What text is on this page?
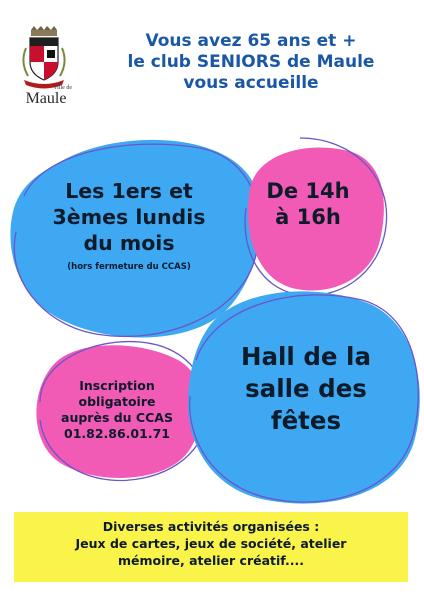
Ville de
Maule
Vous avez 65 ans et +
le club SENIORS de Maule
vous accueille
Les 1ers et
3èmes lundis
du mois
(hors fermeture du CCAS)
De 14h
à 16h
Inscription
obligatoire
auprès du CCAS
01.82.86.01.71
Hall de la
salle des
fêtes
Diverses activités organisées :
Jeux de cartes, jeux de société, atelier
mémoire, atelier créatif....
